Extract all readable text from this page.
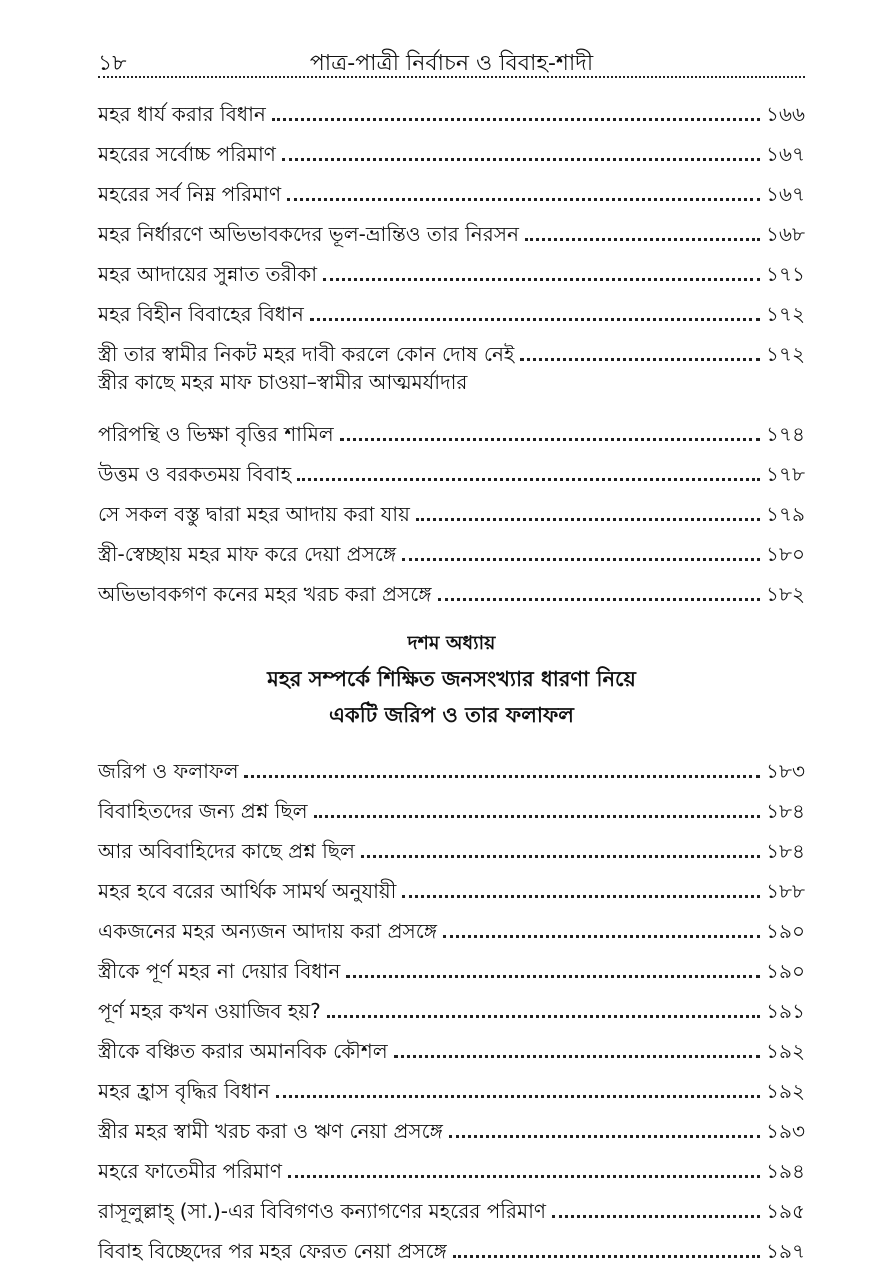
১৮	পাত্র-পাত্রী নির্বাচন ও বিবাহ-শাদী
মহর ধার্য করার বিধান	১৬৬
মহরের সর্বোচ্চ পরিমাণ	১৬৭
মহরের সর্ব নিম্ন পরিমাণ	১৬৭
মহর নির্ধারণে অভিভাবকদের ভূল-ভ্রান্তিও তার নিরসন	১৬৮
মহর আদায়ের সুন্নাত তরীকা	১৭১
মহর বিহীন বিবাহের বিধান	১৭২
স্ত্রী তার স্বামীর নিকট মহর দাবী করলে কোন দোষ নেই	১৭২
স্ত্রীর কাছে মহর মাফ চাওয়া–স্বামীর আত্মমর্যাদার
পরিপন্থি ও ভিক্ষা বৃত্তির শামিল	১৭৪
উত্তম ও বরকতময় বিবাহ	১৭৮
সে সকল বস্তু দ্বারা মহর আদায় করা যায়	১৭৯
স্ত্রী-স্বেচ্ছায় মহর মাফ করে দেয়া প্রসঙ্গে	১৮০
অভিভাবকগণ কনের মহর খরচ করা প্রসঙ্গে	১৮২
দশম অধ্যায়
মহর সম্পর্কে শিক্ষিত জনসংখ্যার ধারণা নিয়ে
একটি জরিপ ও তার ফলাফল
জরিপ ও ফলাফল	১৮৩
বিবাহিতদের জন্য প্রশ্ন ছিল	১৮৪
আর অবিবাহিদের কাছে প্রশ্ন ছিল	১৮৪
মহর হবে বরের আর্থিক সামর্থ অনুযায়ী	১৮৮
একজনের মহর অন্যজন আদায় করা প্রসঙ্গে	১৯০
স্ত্রীকে পূর্ণ মহর না দেয়ার বিধান	১৯০
পূর্ণ মহর কখন ওয়াজিব হয়?	১৯১
স্ত্রীকে বঞ্চিত করার অমানবিক কৌশল	১৯২
মহর হ্রাস বৃদ্ধির বিধান	১৯২
স্ত্রীর মহর স্বামী খরচ করা ও ঋণ নেয়া প্রসঙ্গে	১৯৩
মহরে ফাতেমীর পরিমাণ	১৯৪
রাসূলুল্লাহ্ (সা.)-এর বিবিগণও কন্যাগণের মহরের পরিমাণ	১৯৫
বিবাহ বিচ্ছেদের পর মহর ফেরত নেয়া প্রসঙ্গে	১৯৭
